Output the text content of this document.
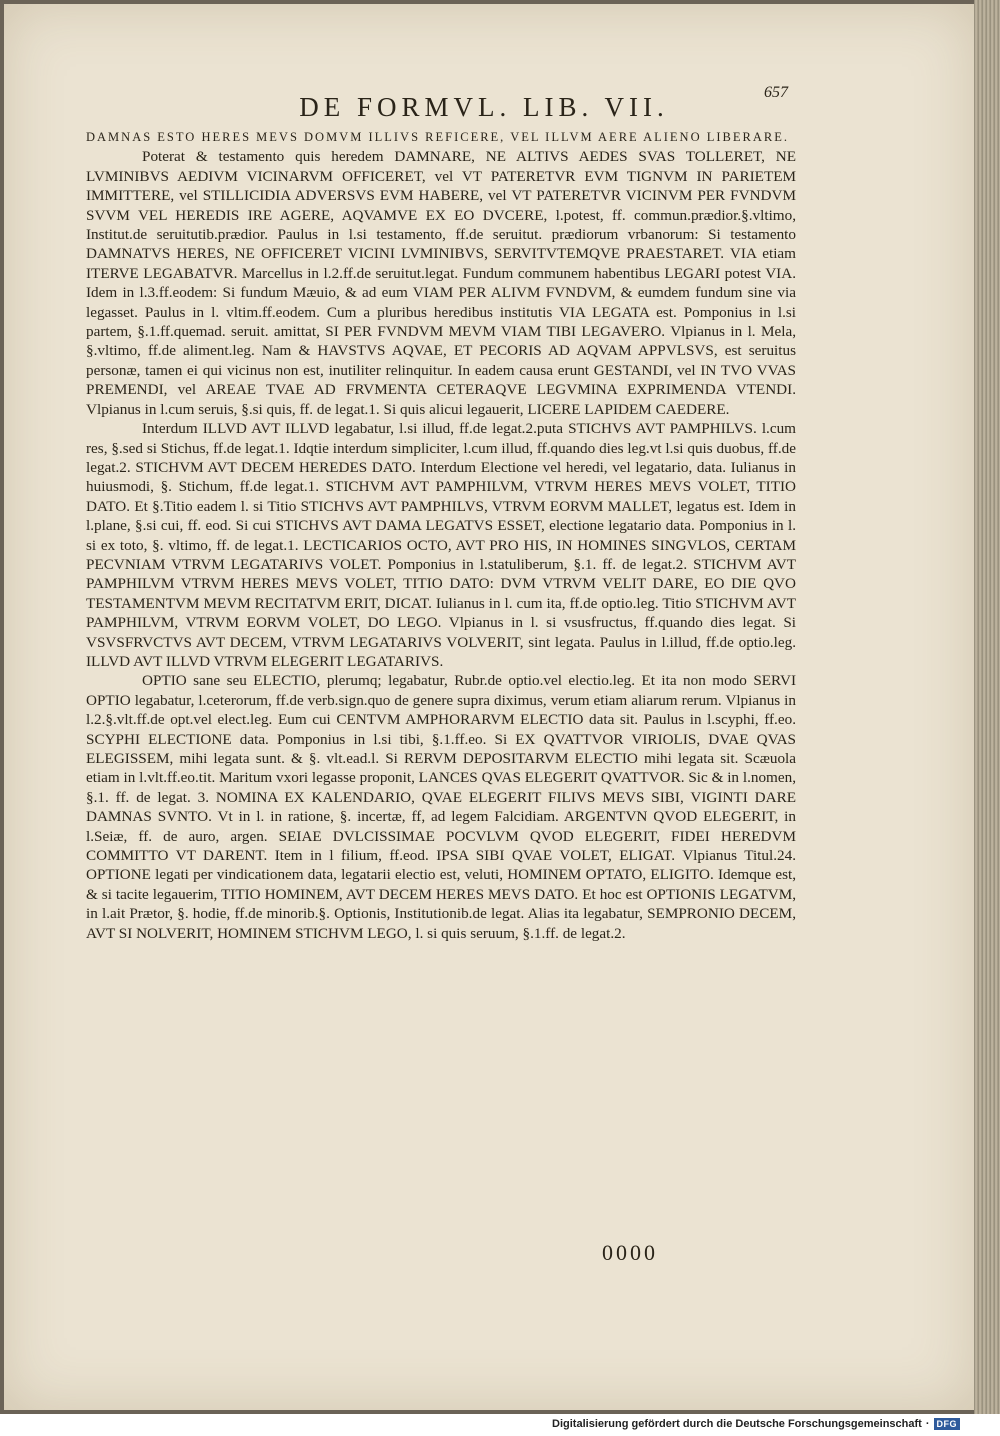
657
DE FORMVL. LIB. VII.

DAMNAS ESTO HERES MEVS DOMVM ILLIVS REFICERE, VEL ILLVM AERE ALIENO LIBERARE.

Poterat & testamento quis heredem DAMNARE, NE ALTIVS AEDES SVAS TOLLERET, NE LVMINIBVS AEDIVM VICINARVM OFFICERET, vel VT PATERETVR EVM TIGNVM IN PARIETEM IMMITTERE, vel STILLICIDIA ADVERSVS EVM HABERE, vel VT PATERETVR VICINVM PER FVNDVM SVVM VEL HEREDIS IRE AGERE, AQVAMVE EX EO DVCERE, l.potest, ff. commun.prædior.§.vltimo, Institut.de seruitutib.prædior. Paulus in l.si testamento, ff.de seruitut. prædiorum vrbanorum: Si testamento DAMNATVS HERES, NE OFFICERET VICINI LVMINIBVS, SERVITVTEMQVE PRAESTARET. VIA etiam ITERVE LEGABATVR. Marcellus in l.2.ff.de seruitut.legat. Fundum communem habentibus LEGARI potest VIA. Idem in l.3.ff.eodem: Si fundum Mæuio, & ad eum VIAM PER ALIVM FVNDVM, & eumdem fundum sine via legasset. Paulus in l. vltim.ff.eodem. Cum a pluribus heredibus institutis VIA LEGATA est. Pomponius in l.si partem, §.1.ff.quemad. seruit. amittat, SI PER FVNDVM MEVM VIAM TIBI LEGAVERO. Vlpianus in l. Mela, §.vltimo, ff.de aliment.leg. Nam & HAVSTVS AQVAE, ET PECORIS AD AQVAM APPVLSVS, est seruitus personæ, tamen ei qui vicinus non est, inutiliter relinquitur. In eadem causa erunt GESTANDI, vel IN TVO VVAS PREMENDI, vel AREAE TVAE AD FRVMENTA CETERAQVE LEGVMINA EXPRIMENDA VTENDI. Vlpianus in l.cum seruis, §.si quis, ff. de legat.1. Si quis alicui legauerit, LICERE LAPIDEM CAEDERE.

Interdum ILLVD AVT ILLVD legabatur, l.si illud, ff.de legat.2.puta STICHVS AVT PAMPHILVS. l.cum res, §.sed si Stichus, ff.de legat.1. Idqtie interdum simpliciter, l.cum illud, ff.quando dies leg.vt l.si quis duobus, ff.de legat.2. STICHVM AVT DECEM HEREDES DATO. Interdum Electione vel heredi, vel legatario, data. Iulianus in huiusmodi, §. Stichum, ff.de legat.1. STICHVM AVT PAMPHILVM, VTRVM HERES MEVS VOLET, TITIO DATO. Et §.Titio eadem l. si Titio STICHVS AVT PAMPHILVS, VTRVM EORVM MALLET, legatus est. Idem in l.plane, §.si cui, ff. eod. Si cui STICHVS AVT DAMA LEGATVS ESSET, electione legatario data. Pomponius in l. si ex toto, §. vltimo, ff. de legat.1. LECTICARIOS OCTO, AVT PRO HIS, IN HOMINES SINGVLOS, CERTAM PECVNIAM VTRVM LEGATARIVS VOLET. Pomponius in l.statuliberum, §.1. ff. de legat.2. STICHVM AVT PAMPHILVM VTRVM HERES MEVS VOLET, TITIO DATO: DVM VTRVM VELIT DARE, EO DIE QVO TESTAMENTVM MEVM RECITATVM ERIT, DICAT. Iulianus in l. cum ita, ff.de optio.leg. Titio STICHVM AVT PAMPHILVM, VTRVM EORVM VOLET, DO LEGO. Vlpianus in l. si vsusfructus, ff.quando dies legat. Si VSVSFRVCTVS AVT DECEM, VTRVM LEGATARIVS VOLVERIT, sint legata. Paulus in l.illud, ff.de optio.leg. ILLVD AVT ILLVD VTRVM ELEGERIT LEGATARIVS.

OPTIO sane seu ELECTIO, plerumq; legabatur, Rubr.de optio.vel electio.leg. Et ita non modo SERVI OPTIO legabatur, l.ceterorum, ff.de verb.sign.quo de genere supra diximus, verum etiam aliarum rerum. Vlpianus in l.2.§.vlt.ff.de opt.vel elect.leg. Eum cui CENTVM AMPHORARVM ELECTIO data sit. Paulus in l.scyphi, ff.eo. SCYPHI ELECTIONE data. Pomponius in l.si tibi, §.1.ff.eo. Si EX QVATTVOR VIRIOLIS, DVAE QVAS ELEGISSEM, mihi legata sunt. & §. vlt.ead.l. Si RERVM DEPOSITARVM ELECTIO mihi legata sit. Scæuola etiam in l.vlt.ff.eo.tit. Maritum vxori legasse proponit, LANCES QVAS ELEGERIT QVATTVOR. Sic & in l.nomen, §.1. ff. de legat. 3. NOMINA EX KALENDARIO, QVAE ELEGERIT FILIVS MEVS SIBI, VIGINTI DARE DAMNAS SVNTO. Vt in l. in ratione, §. incertæ, ff, ad legem Falcidiam. ARGENTVN QVOD ELEGERIT, in l.Seiæ, ff. de auro, argen. SEIAE DVLCISSIMAE POCVLVM QVOD ELEGERIT, FIDEI HEREDVM COMMITTO VT DARENT. Item in l filium, ff.eod. IPSA SIBI QVAE VOLET, ELIGAT. Vlpianus Titul.24. OPTIONE legati per vindicationem data, legatarii electio est, veluti, HOMINEM OPTATO, ELIGITO. Idemque est, & si tacite legauerim, TITIO HOMINEM, AVT DECEM HERES MEVS DATO. Et hoc est OPTIONIS LEGATVM, in l.ait Prætor, §. hodie, ff.de minorib.§. Optionis, Institutionib.de legat. Alias ita legabatur, SEMPRONIO DECEM, AVT SI NOLVERIT, HOMINEM STICHVM LEGO, l. si quis seruum, §.1.ff. de legat.2.

0000
Digitalisierung gefördert durch die Deutsche Forschungsgemeinschaft · DFG
